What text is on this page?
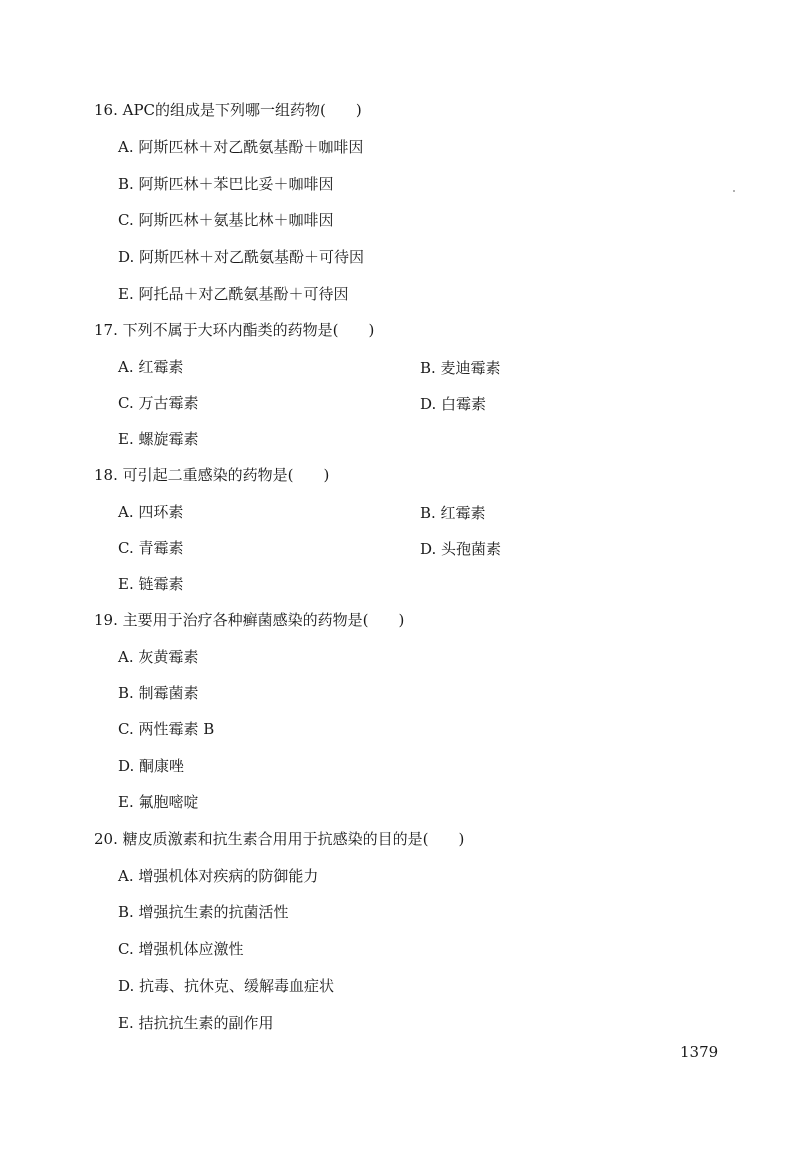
16. APC的组成是下列哪一组药物(　　)
A. 阿斯匹林＋对乙酰氨基酚＋咖啡因
B. 阿斯匹林＋苯巴比妥＋咖啡因
C. 阿斯匹林＋氨基比林＋咖啡因
D. 阿斯匹林＋对乙酰氨基酚＋可待因
E. 阿托品＋对乙酰氨基酚＋可待因
17. 下列不属于大环内酯类的药物是(　　)
A. 红霉素	B. 麦迪霉素
C. 万古霉素	D. 白霉素
E. 螺旋霉素
18. 可引起二重感染的药物是(　　)
A. 四环素	B. 红霉素
C. 青霉素	D. 头孢菌素
E. 链霉素
19. 主要用于治疗各种癣菌感染的药物是(　　)
A. 灰黄霉素
B. 制霉菌素
C. 两性霉素 B
D. 酮康唑
E. 氟胞嘧啶
20. 糖皮质激素和抗生素合用用于抗感染的目的是(　　)
A. 增强机体对疾病的防御能力
B. 增强抗生素的抗菌活性
C. 增强机体应激性
D. 抗毒、抗休克、缓解毒血症状
E. 拮抗抗生素的副作用
1379
